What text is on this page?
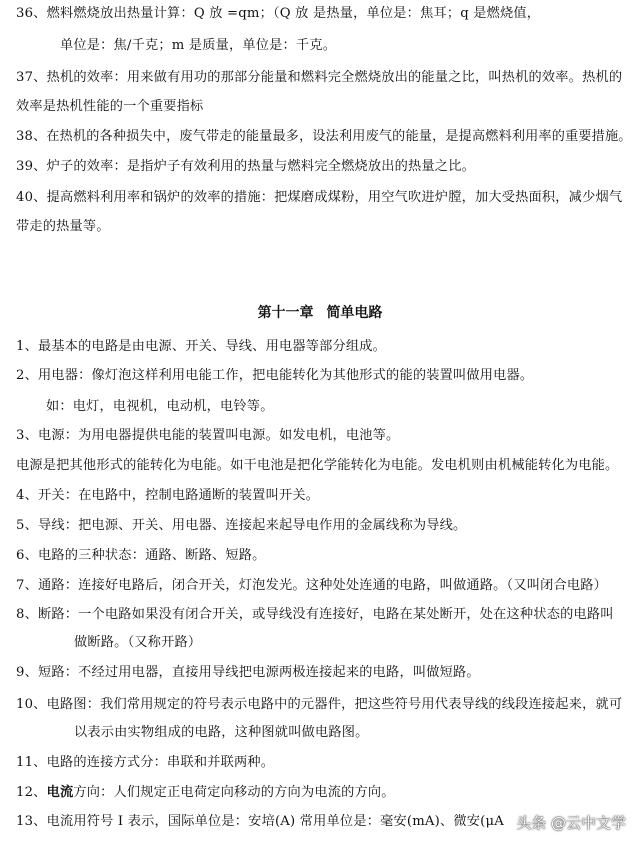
36、燃料燃烧放出热量计算：Q 放 =qm；（Q 放 是热量，单位是：焦耳；q 是燃烧值，
单位是：焦/千克；m 是质量，单位是：千克。
37、热机的效率：用来做有用功的那部分能量和燃料完全燃烧放出的能量之比，叫热机的效率。热机的
效率是热机性能的一个重要指标
38、在热机的各种损失中，废气带走的能量最多，设法利用废气的能量，是提高燃料利用率的重要措施。
39、炉子的效率：是指炉子有效利用的热量与燃料完全燃烧放出的热量之比。
40、提高燃料利用率和锅炉的效率的措施：把煤磨成煤粉，用空气吹进炉膛，加大受热面积，减少烟气
带走的热量等。
第十一章 简单电路
1、最基本的电路是由电源、开关、导线、用电器等部分组成。
2、用电器：像灯泡这样利用电能工作，把电能转化为其他形式的能的装置叫做用电器。
如：电灯，电视机，电动机，电铃等。
3、电源：为用电器提供电能的装置叫电源。如发电机，电池等。
电源是把其他形式的能转化为电能。如干电池是把化学能转化为电能。发电机则由机械能转化为电能。
4、开关：在电路中，控制电路通断的装置叫开关。
5、导线：把电源、开关、用电器、连接起来起导电作用的金属线称为导线。
6、电路的三种状态：通路、断路、短路。
7、通路：连接好电路后，闭合开关，灯泡发光。这种处处连通的电路，叫做通路。（又叫闭合电路）
8、断路：一个电路如果没有闭合开关，或导线没有连接好，电路在某处断开，处在这种状态的电路叫
做断路。（又称开路）
9、短路：不经过用电器，直接用导线把电源两极连接起来的电路，叫做短路。
10、电路图：我们常用规定的符号表示电路中的元器件，把这些符号用代表导线的线段连接起来，就可
以表示由实物组成的电路，这种图就叫做电路图。
11、电路的连接方式分：串联和并联两种。
12、电流方向：人们规定正电荷定向移动的方向为电流的方向。
13、电流用符号 I 表示，国际单位是：安培(A) 常用单位是：毫安(mA)、微安(μA 头条 @云中文学
